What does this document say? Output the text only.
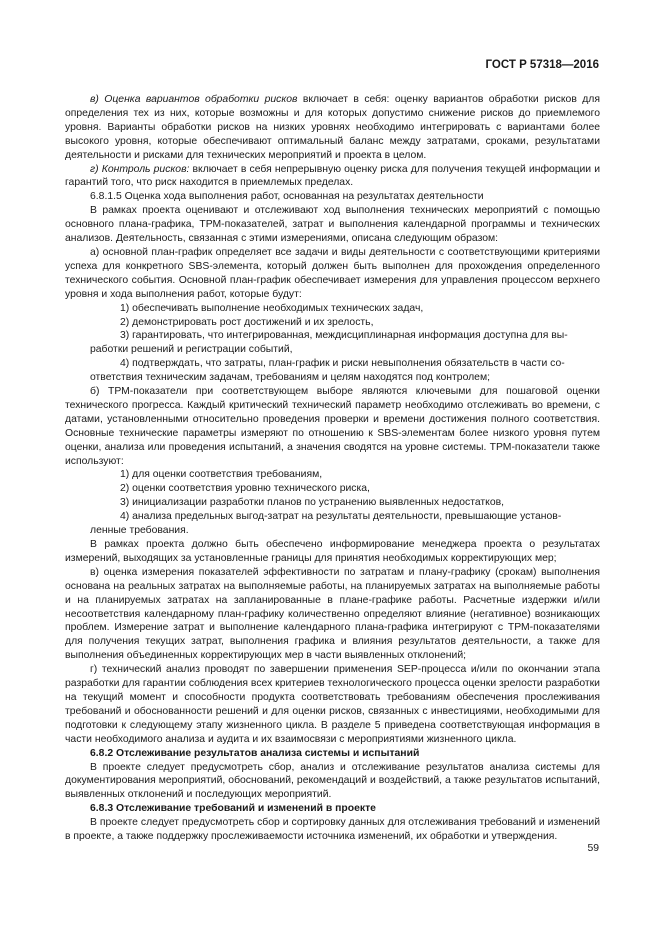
ГОСТ Р 57318—2016

в) Оценка вариантов обработки рисков включает в себя: оценку вариантов обработки рисков для определения тех из них, которые возможны и для которых допустимо снижение рисков до приемлемого уровня. Варианты обработки рисков на низких уровнях необходимо интегрировать с вариантами более высокого уровня, которые обеспечивают оптимальный баланс между затратами, сроками, результатами деятельности и рисками для технических мероприятий и проекта в целом.

г) Контроль рисков: включает в себя непрерывную оценку риска для получения текущей информации и гарантий того, что риск находится в приемлемых пределах.

6.8.1.5 Оценка хода выполнения работ, основанная на результатах деятельности

В рамках проекта оценивают и отслеживают ход выполнения технических мероприятий с помощью основного плана-графика, ТРМ-показателей, затрат и выполнения календарной программы и технических анализов. Деятельность, связанная с этими измерениями, описана следующим образом:

а) основной план-график определяет все задачи и виды деятельности с соответствующими критериями успеха для конкретного SBS-элемента, который должен быть выполнен для прохождения определенного технического события. Основной план-график обеспечивает измерения для управления процессом верхнего уровня и хода выполнения работ, которые будут:

1) обеспечивать выполнение необходимых технических задач,

2) демонстрировать рост достижений и их зрелость,

3) гарантировать, что интегрированная, междисциплинарная информация доступна для вы-

работки решений и регистрации событий,

4) подтверждать, что затраты, план-график и риски невыполнения обязательств в части со-

ответствия техническим задачам, требованиям и целям находятся под контролем;

б) ТРМ-показатели при соответствующем выборе являются ключевыми для пошаговой оценки технического прогресса. Каждый критический технический параметр необходимо отслеживать во времени, с датами, установленными относительно проведения проверки и времени достижения полного соответствия. Основные технические параметры измеряют по отношению к SBS-элементам более низкого уровня путем оценки, анализа или проведения испытаний, а значения сводятся на уровне системы. ТРМ-показатели также используют:

1) для оценки соответствия требованиям,

2) оценки соответствия уровню технического риска,

3) инициализации разработки планов по устранению выявленных недостатков,

4) анализа предельных выгод-затрат на результаты деятельности, превышающие установ-

ленные требования.

В рамках проекта должно быть обеспечено информирование менеджера проекта о результатах измерений, выходящих за установленные границы для принятия необходимых корректирующих мер;

в) оценка измерения показателей эффективности по затратам и плану-графику (срокам) выполнения основана на реальных затратах на выполняемые работы, на планируемых затратах на выполняемые работы и на планируемых затратах на запланированные в плане-графике работы. Расчетные издержки и/или несоответствия календарному план-графику количественно определяют влияние (негативное) возникающих проблем. Измерение затрат и выполнение календарного плана-графика интегрируют с ТРМ-показателями для получения текущих затрат, выполнения графика и влияния результатов деятельности, а также для выполнения объединенных корректирующих мер в части выявленных отклонений;

г) технический анализ проводят по завершении применения SEP-процесса и/или по окончании этапа разработки для гарантии соблюдения всех критериев технологического процесса оценки зрелости разработки на текущий момент и способности продукта соответствовать требованиям обеспечения прослеживания требований и обоснованности решений и для оценки рисков, связанных с инвестициями, необходимыми для подготовки к следующему этапу жизненного цикла. В разделе 5 приведена соответствующая информация в части необходимого анализа и аудита и их взаимосвязи с мероприятиями жизненного цикла.

6.8.2 Отслеживание результатов анализа системы и испытаний

В проекте следует предусмотреть сбор, анализ и отслеживание результатов анализа системы для документирования мероприятий, обоснований, рекомендаций и воздействий, а также результатов испытаний, выявленных отклонений и последующих мероприятий.

6.8.3 Отслеживание требований и изменений в проекте

В проекте следует предусмотреть сбор и сортировку данных для отслеживания требований и изменений в проекте, а также поддержку прослеживаемости источника изменений, их обработки и утверждения.

59
